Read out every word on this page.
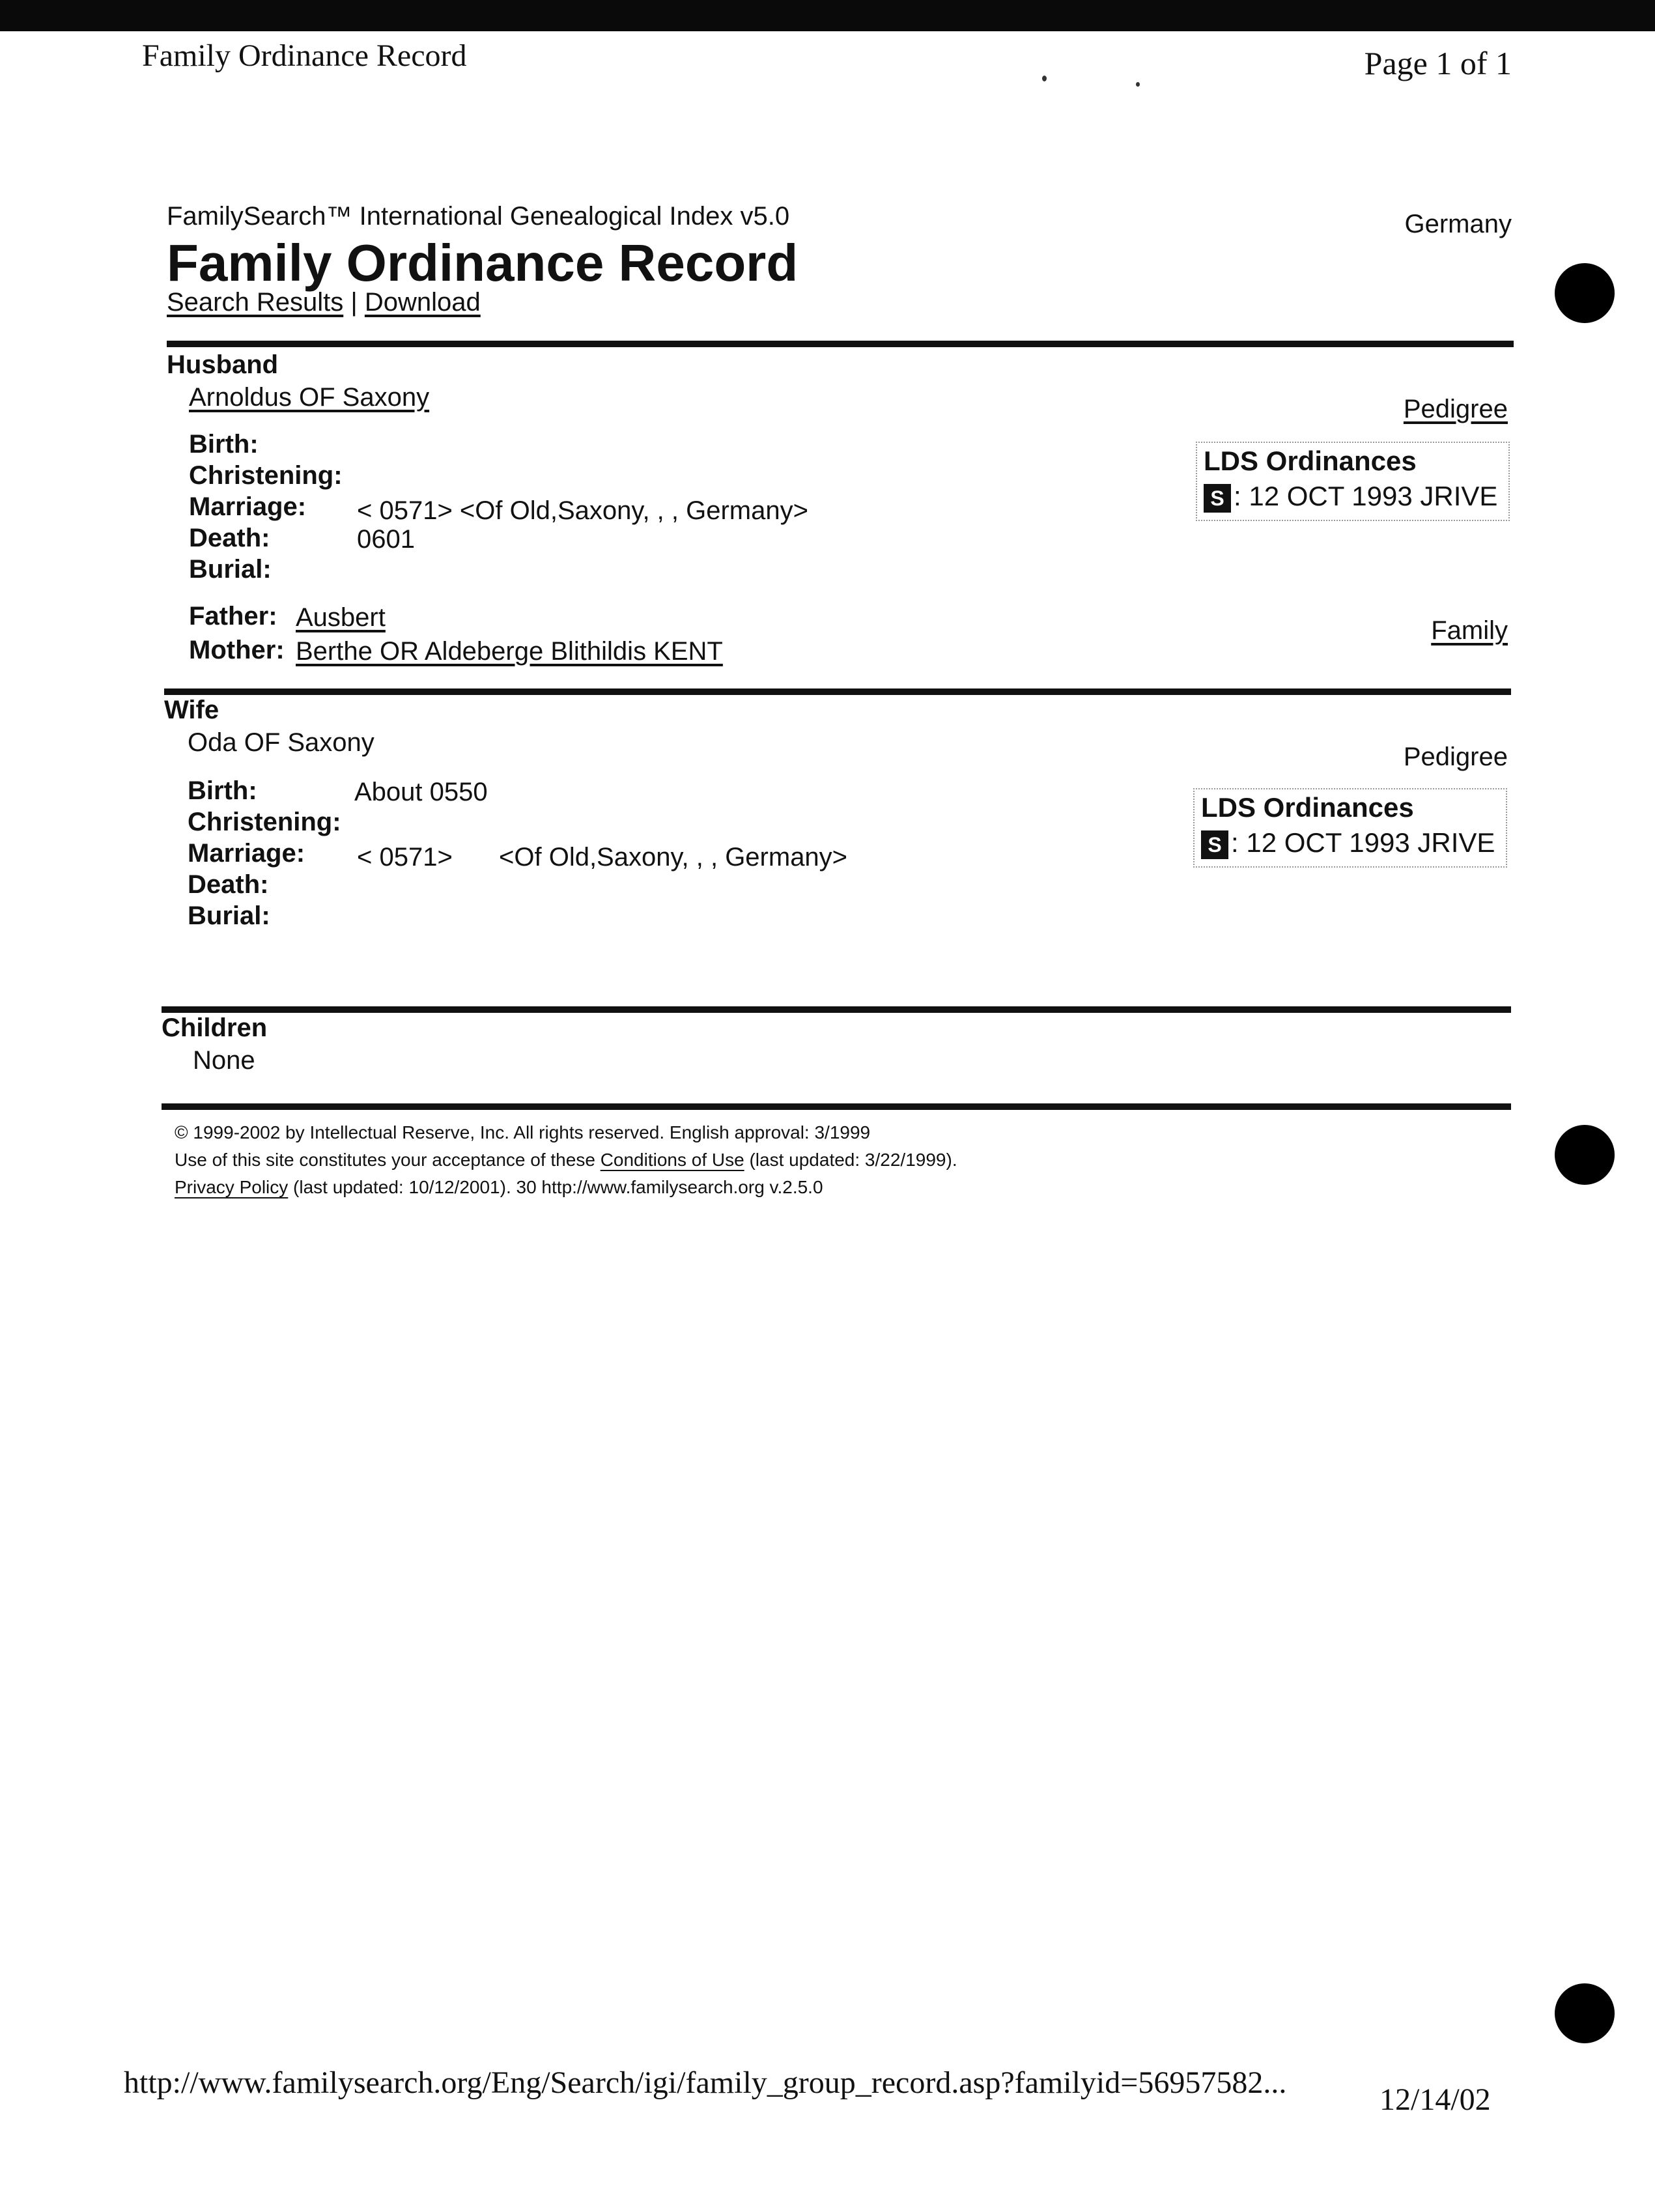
Family Ordinance Record	Page 1 of 1
FamilySearch™ International Genealogical Index v5.0	Germany
Family Ordinance Record
Search Results | Download
Husband
Arnoldus OF Saxony	Pedigree
Birth:
Christening:
Marriage: < 0571> <Of Old,Saxony, , , Germany>
Death:	0601
Burial:
LDS Ordinances
S : 12 OCT 1993 JRIVE
Father: Ausbert
Mother: Berthe OR Aldeberge Blithildis KENT
Family
Wife
Oda OF Saxony	Pedigree
Birth:	About 0550
Christening:
Marriage: < 0571> <Of Old,Saxony, , , Germany>
Death:
Burial:
LDS Ordinances
S : 12 OCT 1993 JRIVE
Children
None
© 1999-2002 by Intellectual Reserve, Inc. All rights reserved. English approval: 3/1999
Use of this site constitutes your acceptance of these Conditions of Use (last updated: 3/22/1999).
Privacy Policy (last updated: 10/12/2001). 30 http://www.familysearch.org v.2.5.0
http://www.familysearch.org/Eng/Search/igi/family_group_record.asp?familyid=56957582...	12/14/02
